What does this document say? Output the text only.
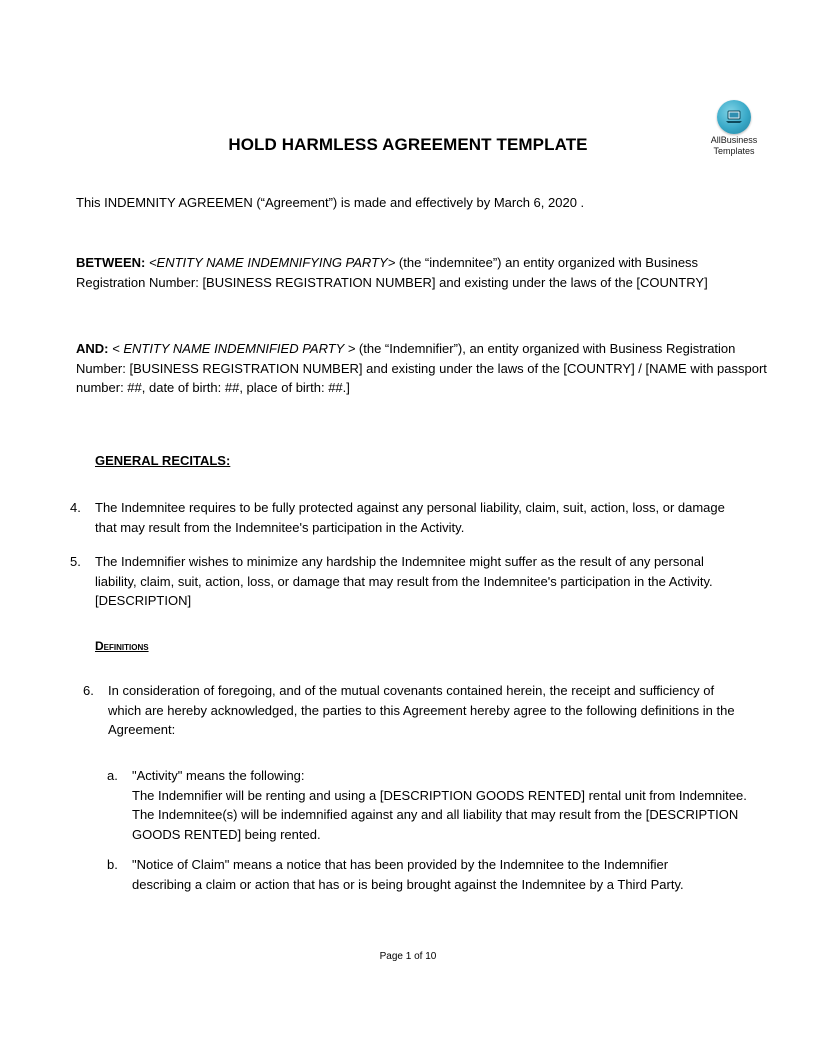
AllBusiness
Templates
HOLD HARMLESS AGREEMENT TEMPLATE
This INDEMNITY AGREEMEN (“Agreement”) is made and effectively by March 6, 2020 .
BETWEEN: <ENTITY NAME INDEMNIFYING PARTY> (the “indemnitee”) an entity organized with Business
Registration Number: [BUSINESS REGISTRATION NUMBER] and existing under the laws of the [COUNTRY]
AND: < ENTITY NAME INDEMNIFIED PARTY > (the “Indemnifier”), an entity organized with Business Registration
Number: [BUSINESS REGISTRATION NUMBER] and existing under the laws of the [COUNTRY] / [NAME with passport
number: ##, date of birth: ##, place of birth: ##.]
GENERAL RECITALS:
4. The Indemnitee requires to be fully protected against any personal liability, claim, suit, action, loss, or damage
that may result from the Indemnitee's participation in the Activity.
5. The Indemnifier wishes to minimize any hardship the Indemnitee might suffer as the result of any personal
liability, claim, suit, action, loss, or damage that may result from the Indemnitee's participation in the Activity.
[DESCRIPTION]
Definitions
6. In consideration of foregoing, and of the mutual covenants contained herein, the receipt and sufficiency of
which are hereby acknowledged, the parties to this Agreement hereby agree to the following definitions in the
Agreement:
a. "Activity" means the following:
The Indemnifier will be renting and using a [DESCRIPTION GOODS RENTED] rental unit from Indemnitee.
The Indemnitee(s) will be indemnified against any and all liability that may result from the [DESCRIPTION
GOODS RENTED] being rented.
b. "Notice of Claim" means a notice that has been provided by the Indemnitee to the Indemnifier
describing a claim or action that has or is being brought against the Indemnitee by a Third Party.
Page 1 of 10
